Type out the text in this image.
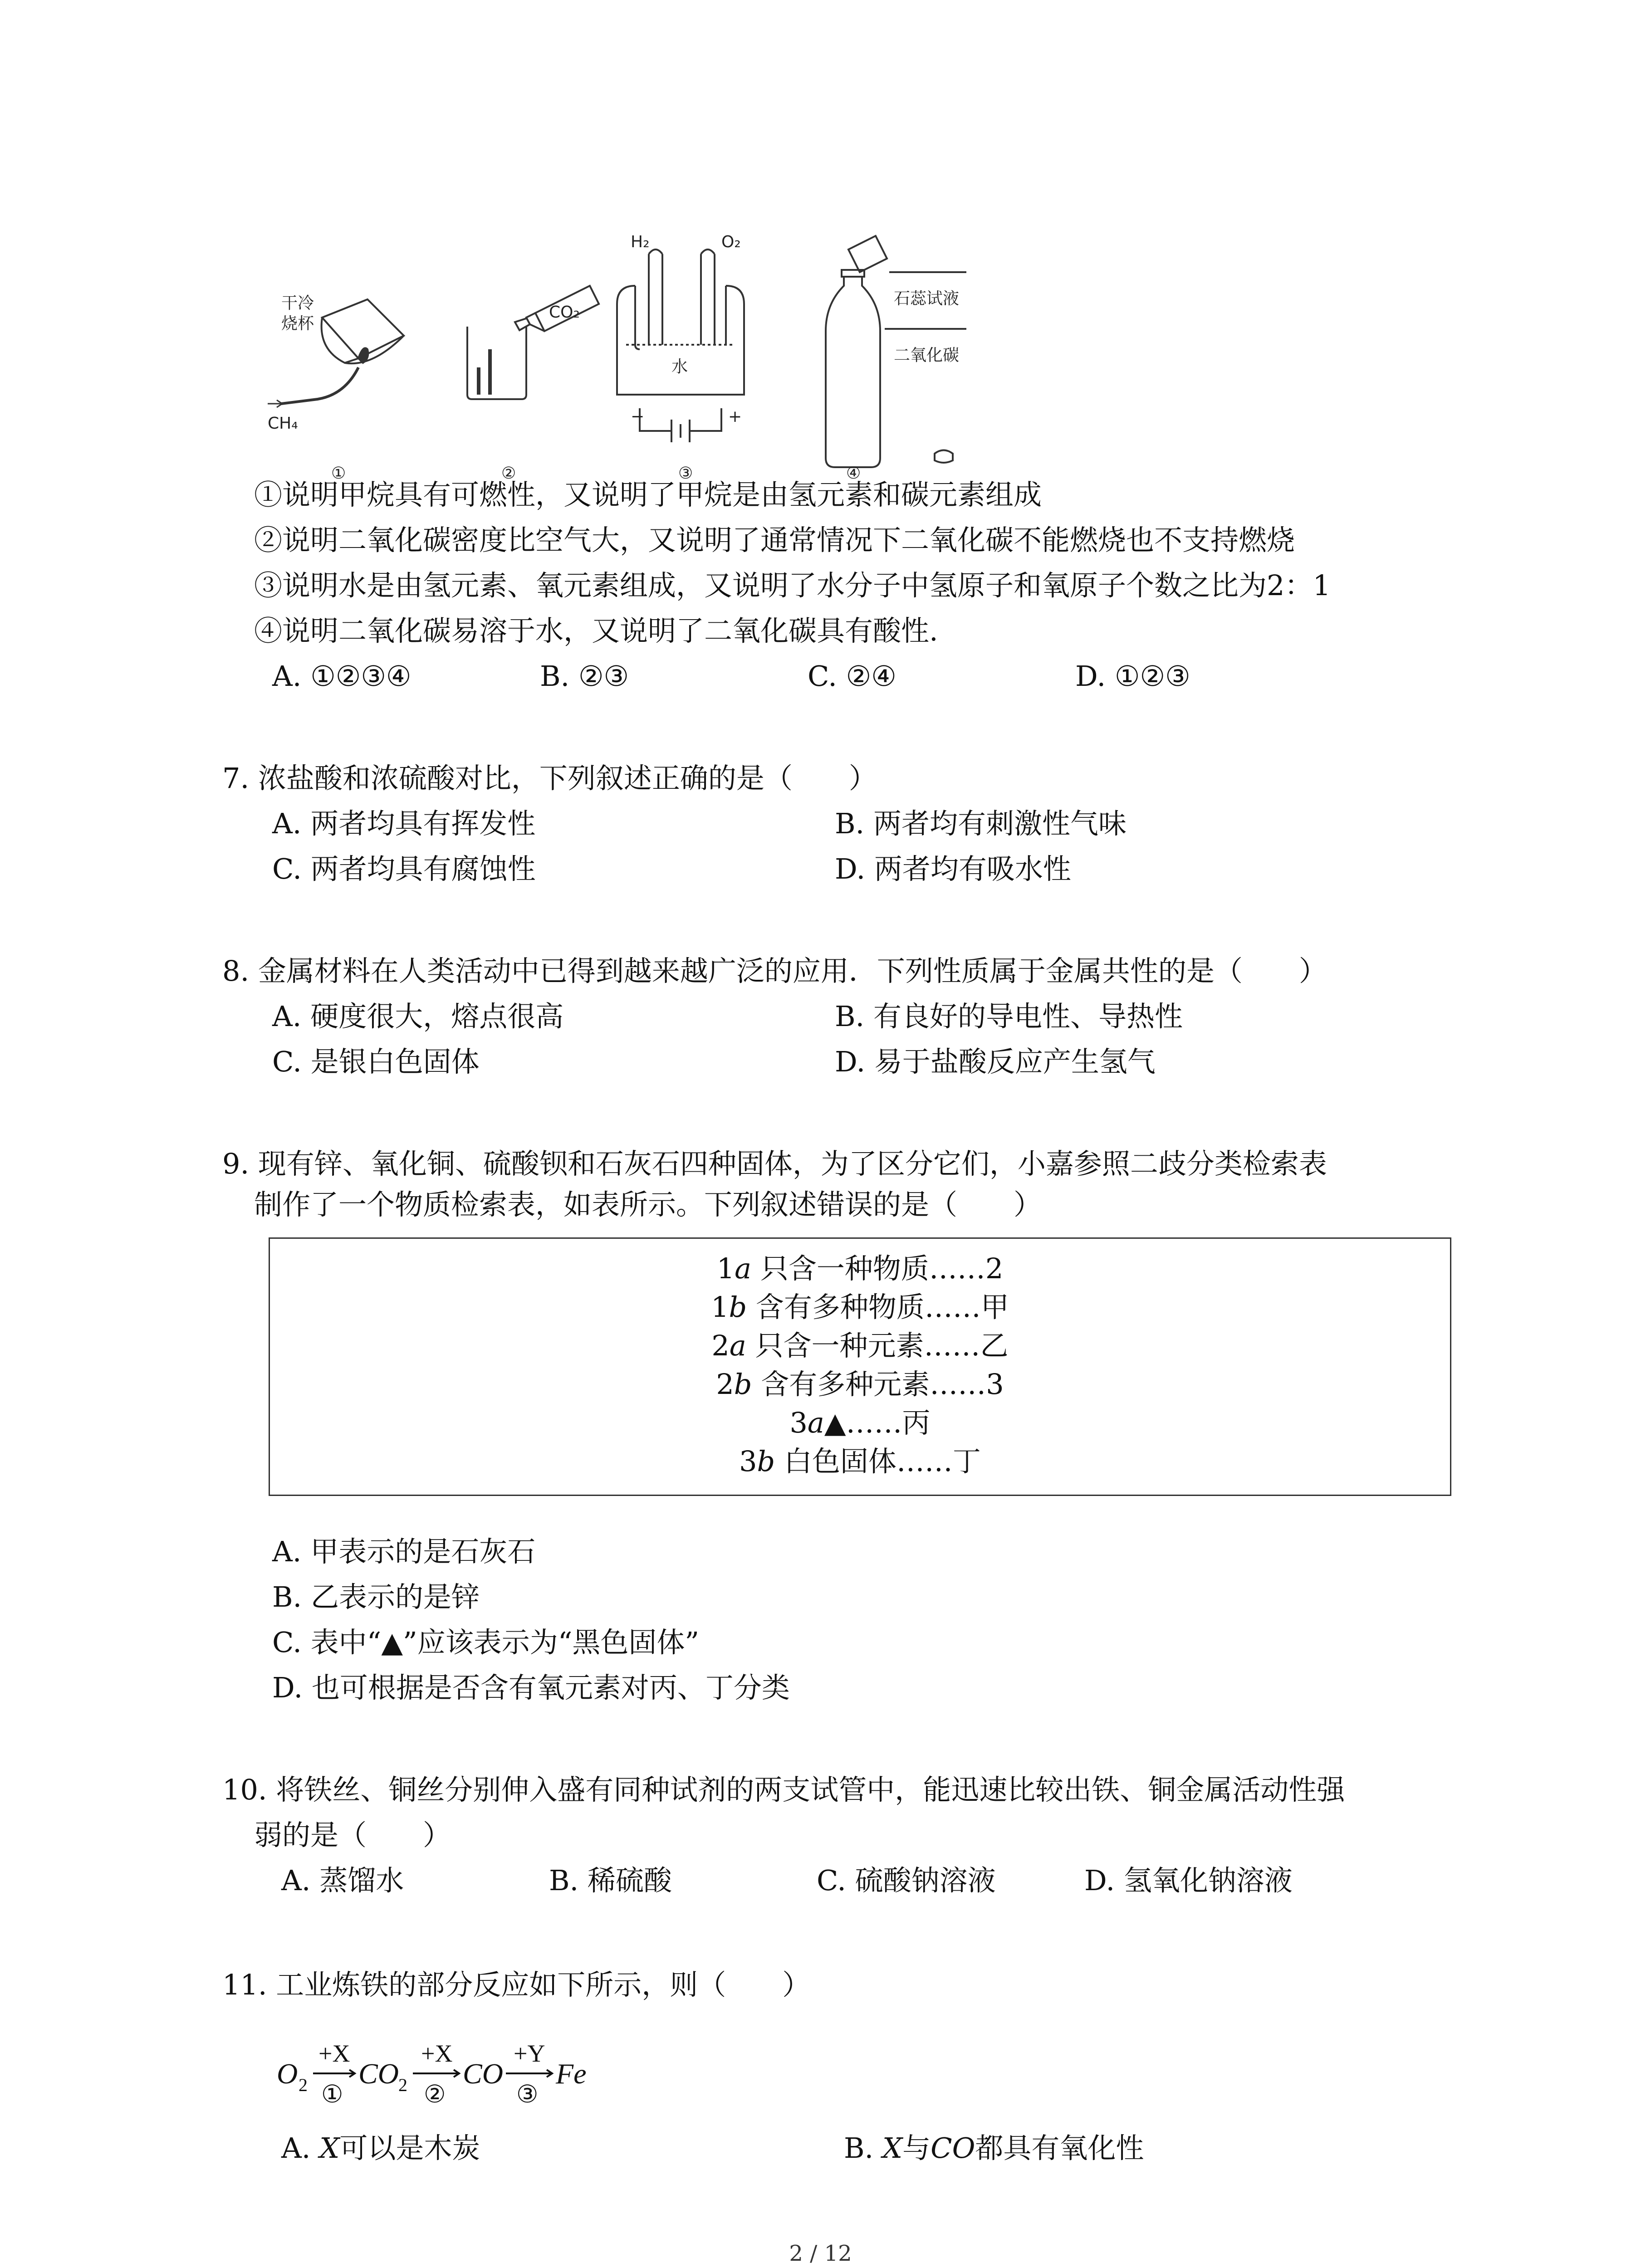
干冷
烧杯
CH₄
CO₂
H₂	O₂
水
−	+
石蕊试液
二氧化碳
①	②	③	④
①说明甲烷具有可燃性，又说明了甲烷是由氢元素和碳元素组成
②说明二氧化碳密度比空气大，又说明了通常情况下二氧化碳不能燃烧也不支持燃烧
③说明水是由氢元素、氧元素组成，又说明了水分子中氢原子和氧原子个数之比为2：1
④说明二氧化碳易溶于水，又说明了二氧化碳具有酸性.
A. ①②③④	B. ②③	C. ②④	D. ①②③
7. 浓盐酸和浓硫酸对比，下列叙述正确的是（　　）
A. 两者均具有挥发性	B. 两者均有刺激性气味
C. 两者均具有腐蚀性	D. 两者均有吸水性
8. 金属材料在人类活动中已得到越来越广泛的应用．下列性质属于金属共性的是（　　）
A. 硬度很大，熔点很高	B. 有良好的导电性、导热性
C. 是银白色固体	D. 易于盐酸反应产生氢气
9. 现有锌、氧化铜、硫酸钡和石灰石四种固体，为了区分它们，小嘉参照二歧分类检索表
制作了一个物质检索表，如表所示。下列叙述错误的是（　　）
1a 只含一种物质……2
1b 含有多种物质……甲
2a 只含一种元素……乙
2b 含有多种元素……3
3a▲……丙
3b 白色固体……丁
A. 甲表示的是石灰石
B. 乙表示的是锌
C. 表中“▲”应该表示为“黑色固体”
D. 也可根据是否含有氧元素对丙、丁分类
10. 将铁丝、铜丝分别伸入盛有同种试剂的两支试管中，能迅速比较出铁、铜金属活动性强
弱的是（　　）
A. 蒸馏水	B. 稀硫酸	C. 硫酸钠溶液	D. 氢氧化钠溶液
11. 工业炼铁的部分反应如下所示，则（　　）
O 2 CO 2 CO Fe
+X
①
+X
②
+Y
③
A. X可以是木炭	B. X与CO都具有氧化性
2 / 12
